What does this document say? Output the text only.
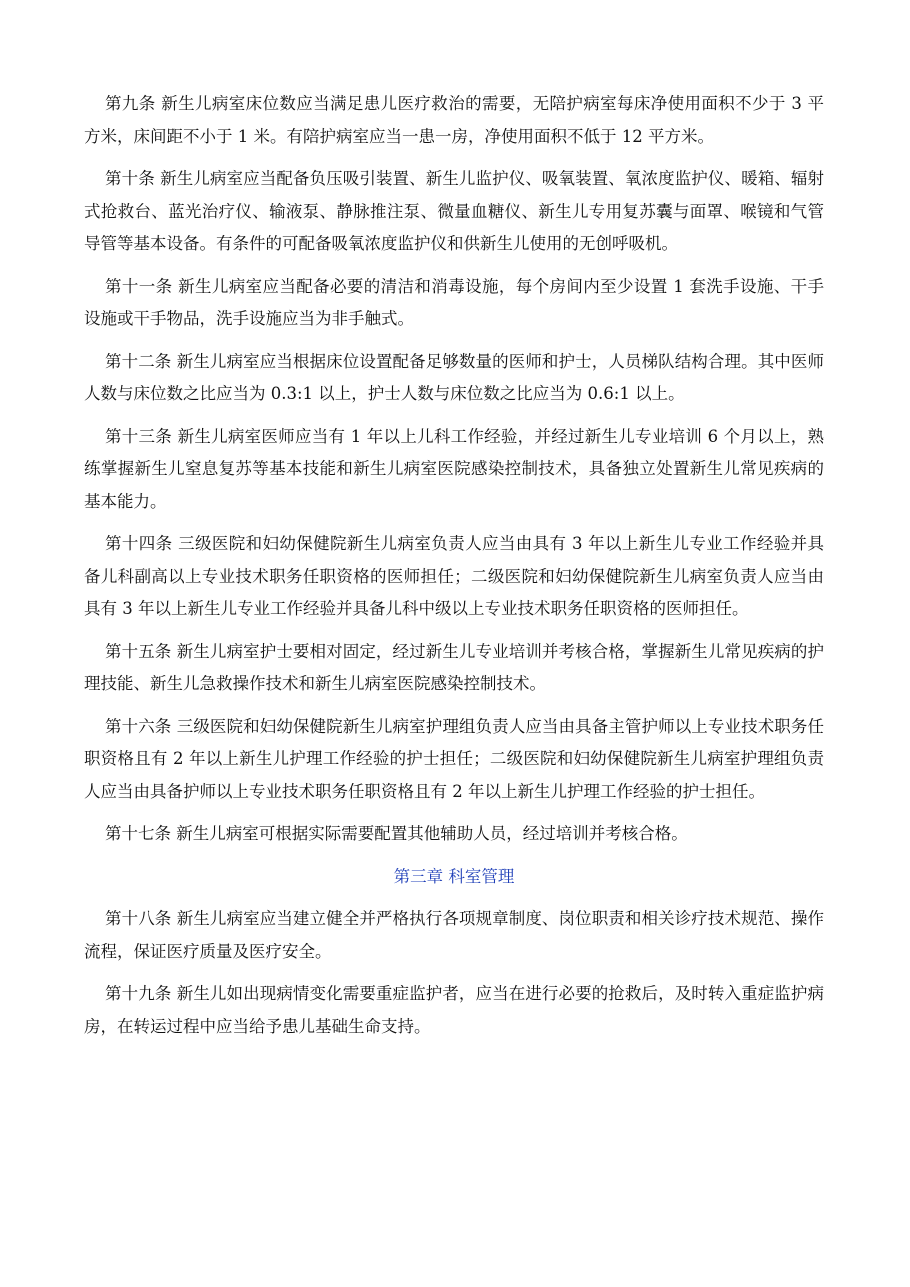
第九条 新生儿病室床位数应当满足患儿医疗救治的需要，无陪护病室每床净使用面积不少于 3 平方米，床间距不小于 1 米。有陪护病室应当一患一房，净使用面积不低于 12 平方米。

第十条 新生儿病室应当配备负压吸引装置、新生儿监护仪、吸氧装置、氧浓度监护仪、暖箱、辐射式抢救台、蓝光治疗仪、输液泵、静脉推注泵、微量血糖仪、新生儿专用复苏囊与面罩、喉镜和气管导管等基本设备。有条件的可配备吸氧浓度监护仪和供新生儿使用的无创呼吸机。

第十一条 新生儿病室应当配备必要的清洁和消毒设施，每个房间内至少设置 1 套洗手设施、干手设施或干手物品，洗手设施应当为非手触式。

第十二条 新生儿病室应当根据床位设置配备足够数量的医师和护士，人员梯队结构合理。其中医师人数与床位数之比应当为 0.3:1 以上，护士人数与床位数之比应当为 0.6:1 以上。

第十三条 新生儿病室医师应当有 1 年以上儿科工作经验，并经过新生儿专业培训 6 个月以上，熟练掌握新生儿窒息复苏等基本技能和新生儿病室医院感染控制技术，具备独立处置新生儿常见疾病的基本能力。

第十四条 三级医院和妇幼保健院新生儿病室负责人应当由具有 3 年以上新生儿专业工作经验并具备儿科副高以上专业技术职务任职资格的医师担任；二级医院和妇幼保健院新生儿病室负责人应当由具有 3 年以上新生儿专业工作经验并具备儿科中级以上专业技术职务任职资格的医师担任。

第十五条 新生儿病室护士要相对固定，经过新生儿专业培训并考核合格，掌握新生儿常见疾病的护理技能、新生儿急救操作技术和新生儿病室医院感染控制技术。

第十六条 三级医院和妇幼保健院新生儿病室护理组负责人应当由具备主管护师以上专业技术职务任职资格且有 2 年以上新生儿护理工作经验的护士担任；二级医院和妇幼保健院新生儿病室护理组负责人应当由具备护师以上专业技术职务任职资格且有 2 年以上新生儿护理工作经验的护士担任。

第十七条 新生儿病室可根据实际需要配置其他辅助人员，经过培训并考核合格。

第三章 科室管理

第十八条 新生儿病室应当建立健全并严格执行各项规章制度、岗位职责和相关诊疗技术规范、操作流程，保证医疗质量及医疗安全。

第十九条 新生儿如出现病情变化需要重症监护者，应当在进行必要的抢救后，及时转入重症监护病房，在转运过程中应当给予患儿基础生命支持。
